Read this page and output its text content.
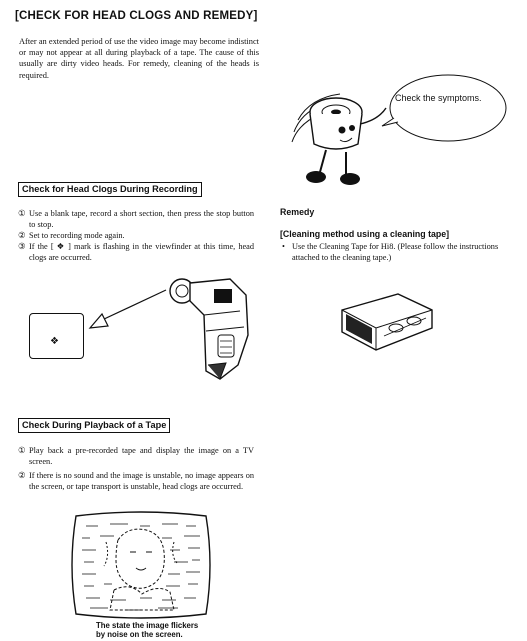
[CHECK FOR HEAD CLOGS AND REMEDY]
After an extended period of use the video image may become indistinct or may not appear at all during playback of a tape. The cause of this usually are dirty video heads. For remedy, cleaning of the heads is required.
Check the symptoms.
Check for Head Clogs During Recording
① Use a blank tape, record a short section, then press the stop button to stop.
② Set to recording mode again.
③ If the [ ❖ ] mark is flashing in the viewfinder at this time, head clogs are occurred.
❖
Remedy
[Cleaning method using a cleaning tape]
• Use the Cleaning Tape for Hi8. (Please follow the instructions attached to the cleaning tape.)
Check During Playback of a Tape
① Play back a pre-recorded tape and display the image on a TV screen.
② If there is no sound and the image is unstable, no image appears on the screen, or tape transport is unstable, head clogs are occurred.
The state the image flickers
by noise on the screen.
